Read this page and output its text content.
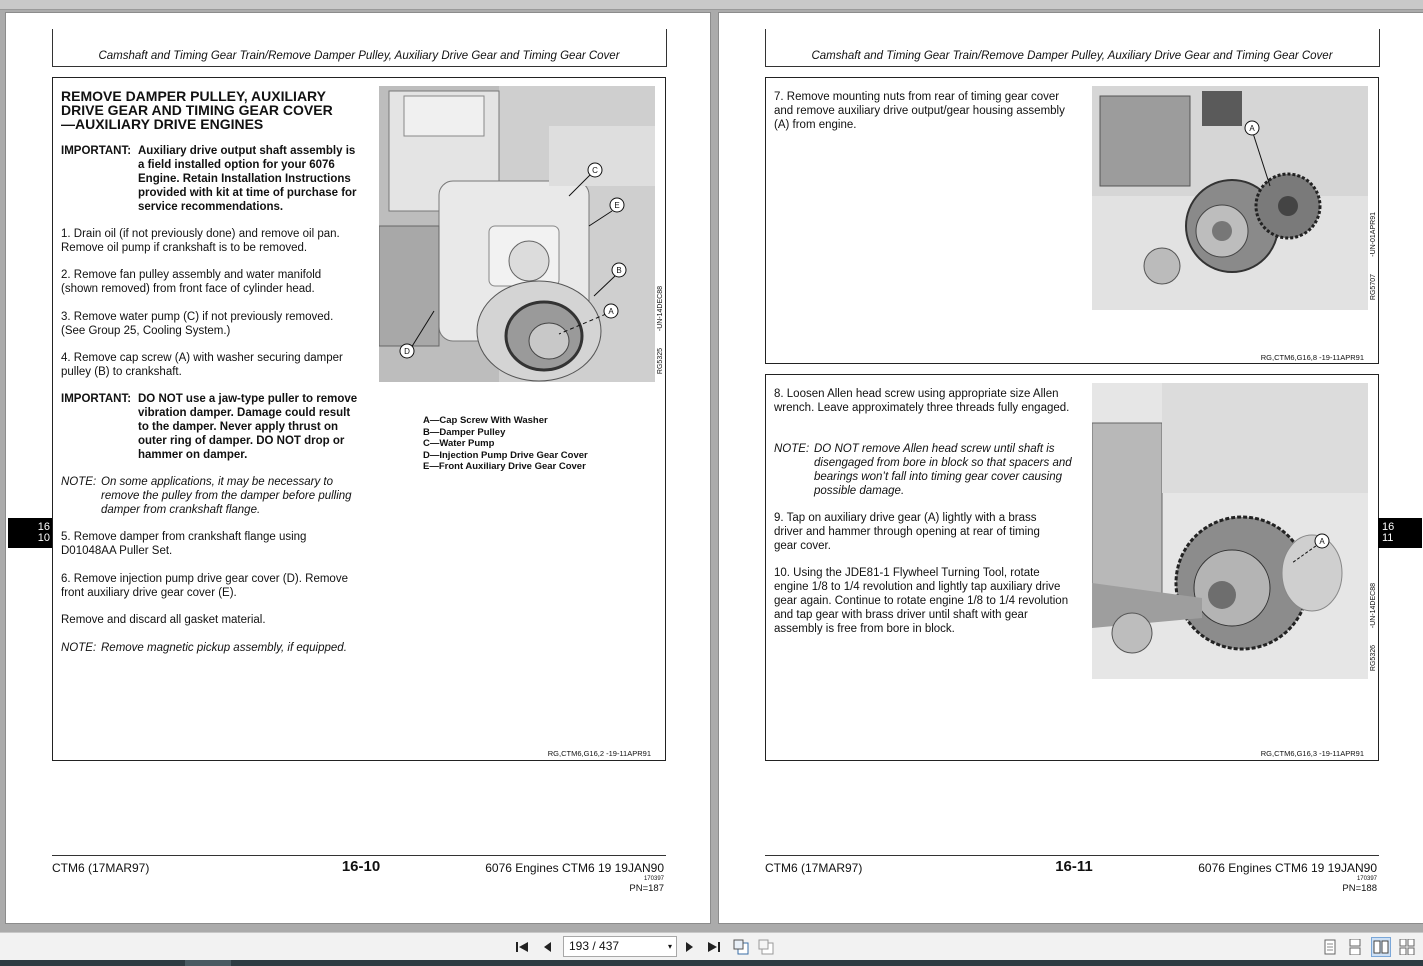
Camshaft and Timing Gear Train/Remove Damper Pulley, Auxiliary Drive Gear and Timing Gear Cover
REMOVE DAMPER PULLEY, AUXILIARY DRIVE GEAR AND TIMING GEAR COVER—AUXILIARY DRIVE ENGINES
IMPORTANT: Auxiliary drive output shaft assembly is a field installed option for your 6076 Engine. Retain Installation Instructions provided with kit at time of purchase for service recommendations.
1. Drain oil (if not previously done) and remove oil pan. Remove oil pump if crankshaft is to be removed.
2. Remove fan pulley assembly and water manifold (shown removed) from front face of cylinder head.
3. Remove water pump (C) if not previously removed. (See Group 25, Cooling System.)
4. Remove cap screw (A) with washer securing damper pulley (B) to crankshaft.
IMPORTANT: DO NOT use a jaw-type puller to remove vibration damper. Damage could result to the damper. Never apply thrust on outer ring of damper. DO NOT drop or hammer on damper.
NOTE: On some applications, it may be necessary to remove the pulley from the damper before pulling damper from crankshaft flange.
5. Remove damper from crankshaft flange using D01048AA Puller Set.
6. Remove injection pump drive gear cover (D). Remove front auxiliary drive gear cover (E).
Remove and discard all gasket material.
NOTE: Remove magnetic pickup assembly, if equipped.
C
E
B
A
D	RG5325
-UN-14DEC88
A—Cap Screw With Washer
B—Damper Pulley
C—Water Pump
D—Injection Pump Drive Gear Cover
E—Front Auxiliary Drive Gear Cover
RG,CTM6,G16,2 -19-11APR91
CTM6 (17MAR97)	16-10	6076 Engines CTM6 19 19JAN90
170397
PN=187
16
10
Camshaft and Timing Gear Train/Remove Damper Pulley, Auxiliary Drive Gear and Timing Gear Cover
7. Remove mounting nuts from rear of timing gear cover and remove auxiliary drive output/gear housing assembly (A) from engine.	A
RG5707
-UN-01APR91
RG,CTM6,G16,8 -19-11APR91
8. Loosen Allen head screw using appropriate size Allen wrench. Leave approximately three threads fully engaged.
NOTE: DO NOT remove Allen head screw until shaft is disengaged from bore in block so that spacers and bearings won’t fall into timing gear cover causing possible damage.
9. Tap on auxiliary drive gear (A) lightly with a brass driver and hammer through opening at rear of timing gear cover.
10. Using the JDE81-1 Flywheel Turning Tool, rotate engine 1/8 to 1/4 revolution and lightly tap auxiliary drive gear again. Continue to rotate engine 1/8 to 1/4 revolution and tap gear with brass driver until shaft with gear assembly is free from bore in block.
A
RG5326
-UN-14DEC88
RG,CTM6,G16,3 -19-11APR91
CTM6 (17MAR97)	16-11	6076 Engines CTM6 19 19JAN90
170397
PN=188
16
11
193 / 437	▾
